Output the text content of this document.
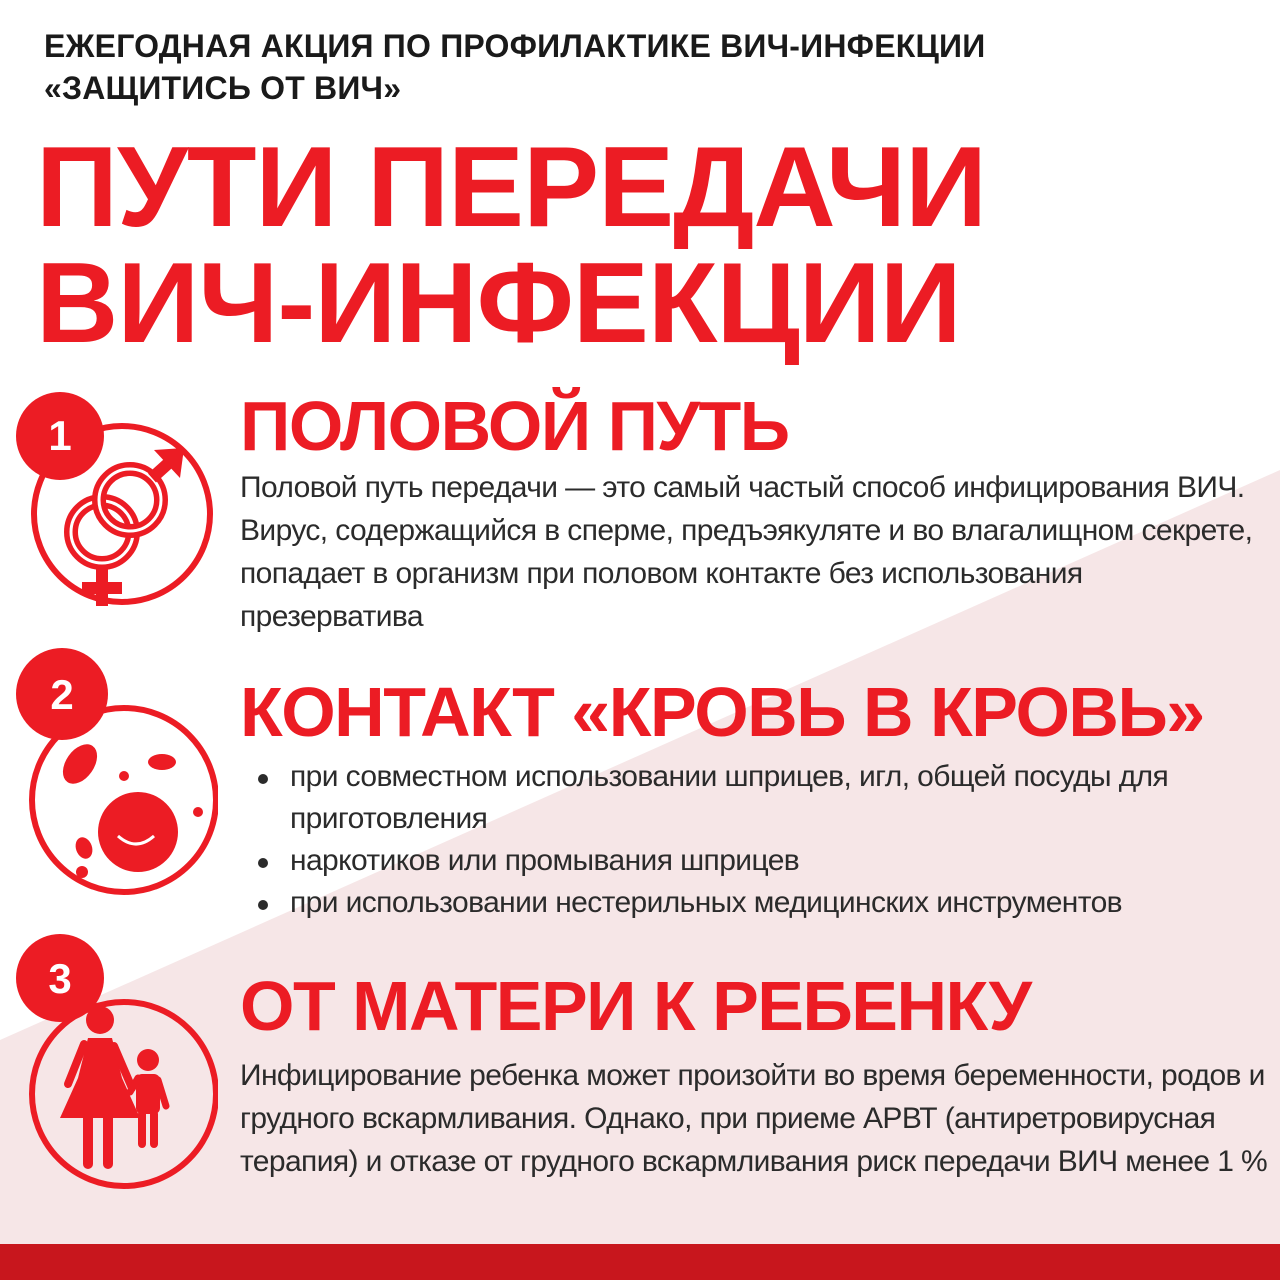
ЕЖЕГОДНАЯ АКЦИЯ ПО ПРОФИЛАКТИКЕ ВИЧ-ИНФЕКЦИИ
«ЗАЩИТИСЬ ОТ ВИЧ»
ПУТИ ПЕРЕДАЧИ
ВИЧ-ИНФЕКЦИИ
1 ПОЛОВОЙ ПУТЬ

Половой путь передачи — это самый частый способ инфицирования ВИЧ. Вирус, содержащийся в сперме, предъэякуляте и во влагалищном секрете, попадает в организм при половом контакте без использования презерватива

2 КОНТАКТ «КРОВЬ В КРОВЬ»
при совместном использовании шприцев, игл, общей посуды для приготовления
наркотиков или промывания шприцев
при использовании нестерильных медицинских инструментов
3 ОТ МАТЕРИ К РЕБЕНКУ

Инфицирование ребенка может произойти во время беременности, родов и грудного вскармливания. Однако, при приеме АРВТ (антиретровирусная терапия) и отказе от грудного вскармливания риск передачи ВИЧ менее 1 %
